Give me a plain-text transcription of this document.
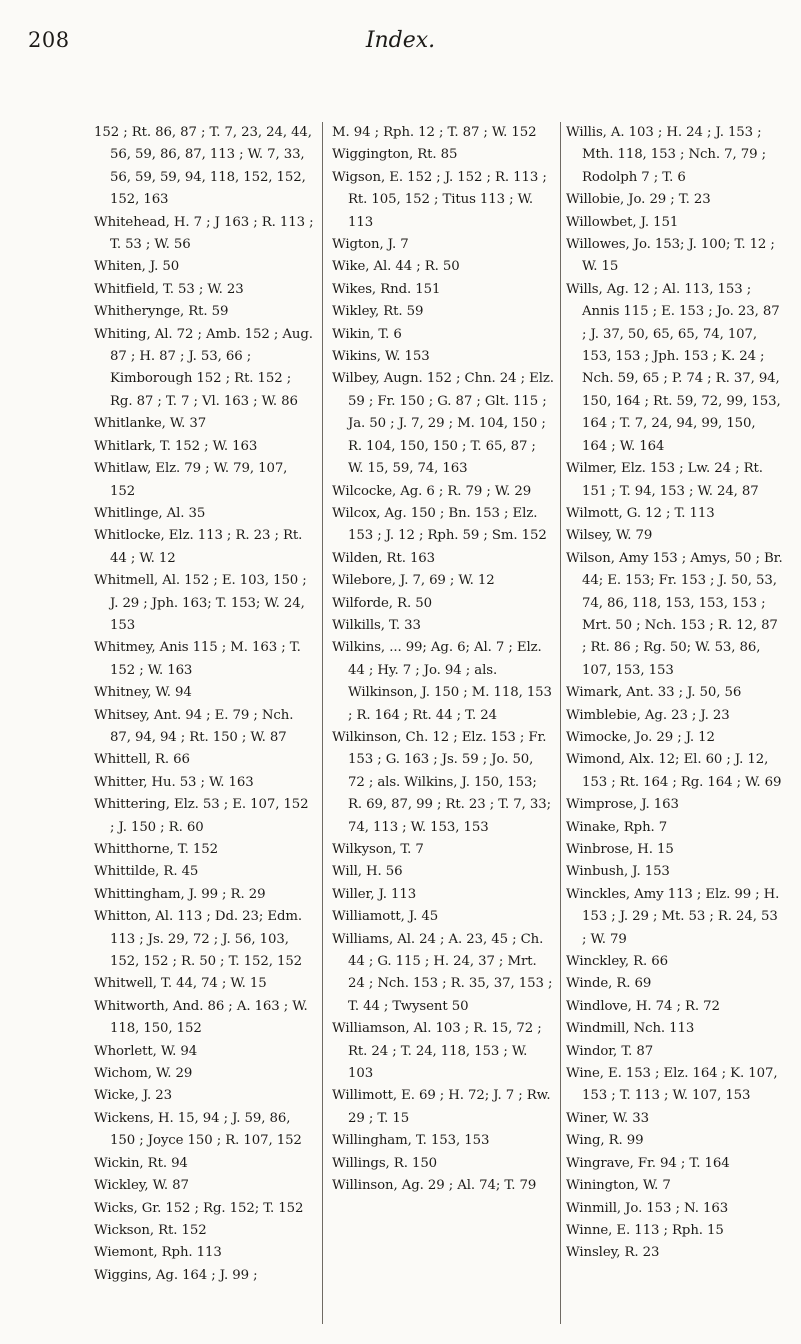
208	Index.

152 ; Rt. 86, 87 ; T. 7, 23, 24, 44, 56, 59, 86, 87, 113 ; W. 7, 33, 56, 59, 59, 94, 118, 152, 152, 152, 163

Whitehead, H. 7 ; J 163 ; R. 113 ; T. 53 ; W. 56

Whiten, J. 50

Whitfield, T. 53 ; W. 23

Whitherynge, Rt. 59

Whiting, Al. 72 ; Amb. 152 ; Aug. 87 ; H. 87 ; J. 53, 66 ; Kimborough 152 ; Rt. 152 ; Rg. 87 ; T. 7 ; Vl. 163 ; W. 86

Whitlanke, W. 37

Whitlark, T. 152 ; W. 163

Whitlaw, Elz. 79 ; W. 79, 107, 152

Whitlinge, Al. 35

Whitlocke, Elz. 113 ; R. 23 ; Rt. 44 ; W. 12

Whitmell, Al. 152 ; E. 103, 150 ; J. 29 ; Jph. 163; T. 153; W. 24, 153

Whitmey, Anis 115 ; M. 163 ; T. 152 ; W. 163

Whitney, W. 94

Whitsey, Ant. 94 ; E. 79 ; Nch. 87, 94, 94 ; Rt. 150 ; W. 87

Whittell, R. 66

Whitter, Hu. 53 ; W. 163

Whittering, Elz. 53 ; E. 107, 152 ; J. 150 ; R. 60

Whitthorne, T. 152

Whittilde, R. 45

Whittingham, J. 99 ; R. 29

Whitton, Al. 113 ; Dd. 23; Edm. 113 ; Js. 29, 72 ; J. 56, 103, 152, 152 ; R. 50 ; T. 152, 152

Whitwell, T. 44, 74 ; W. 15

Whitworth, And. 86 ; A. 163 ; W. 118, 150, 152

Whorlett, W. 94

Wichom, W. 29

Wicke, J. 23

Wickens, H. 15, 94 ; J. 59, 86, 150 ; Joyce 150 ; R. 107, 152

Wickin, Rt. 94

Wickley, W. 87

Wicks, Gr. 152 ; Rg. 152; T. 152

Wickson, Rt. 152

Wiemont, Rph. 113

Wiggins, Ag. 164 ; J. 99 ;

M. 94 ; Rph. 12 ; T. 87 ; W. 152

Wiggington, Rt. 85

Wigson, E. 152 ; J. 152 ; R. 113 ; Rt. 105, 152 ; Titus 113 ; W. 113

Wigton, J. 7

Wike, Al. 44 ; R. 50

Wikes, Rnd. 151

Wikley, Rt. 59

Wikin, T. 6

Wikins, W. 153

Wilbey, Augn. 152 ; Chn. 24 ; Elz. 59 ; Fr. 150 ; G. 87 ; Glt. 115 ; Ja. 50 ; J. 7, 29 ; M. 104, 150 ; R. 104, 150, 150 ; T. 65, 87 ; W. 15, 59, 74, 163

Wilcocke, Ag. 6 ; R. 79 ; W. 29

Wilcox, Ag. 150 ; Bn. 153 ; Elz. 153 ; J. 12 ; Rph. 59 ; Sm. 152

Wilden, Rt. 163

Wilebore, J. 7, 69 ; W. 12

Wilforde, R. 50

Wilkills, T. 33

Wilkins, ... 99; Ag. 6; Al. 7 ; Elz. 44 ; Hy. 7 ; Jo. 94 ; als. Wilkinson, J. 150 ; M. 118, 153 ; R. 164 ; Rt. 44 ; T. 24

Wilkinson, Ch. 12 ; Elz. 153 ; Fr. 153 ; G. 163 ; Js. 59 ; Jo. 50, 72 ; als. Wilkins, J. 150, 153; R. 69, 87, 99 ; Rt. 23 ; T. 7, 33; 74, 113 ; W. 153, 153

Wilkyson, T. 7

Will, H. 56

Willer, J. 113

Williamott, J. 45

Williams, Al. 24 ; A. 23, 45 ; Ch. 44 ; G. 115 ; H. 24, 37 ; Mrt. 24 ; Nch. 153 ; R. 35, 37, 153 ; T. 44 ; Twysent 50

Williamson, Al. 103 ; R. 15, 72 ; Rt. 24 ; T. 24, 118, 153 ; W. 103

Willimott, E. 69 ; H. 72; J. 7 ; Rw. 29 ; T. 15

Willingham, T. 153, 153

Willings, R. 150

Willinson, Ag. 29 ; Al. 74; T. 79

Willis, A. 103 ; H. 24 ; J. 153 ; Mth. 118, 153 ; Nch. 7, 79 ; Rodolph 7 ; T. 6

Willobie, Jo. 29 ; T. 23

Willowbet, J. 151

Willowes, Jo. 153; J. 100; T. 12 ; W. 15

Wills, Ag. 12 ; Al. 113, 153 ; Annis 115 ; E. 153 ; Jo. 23, 87 ; J. 37, 50, 65, 65, 74, 107, 153, 153 ; Jph. 153 ; K. 24 ; Nch. 59, 65 ; P. 74 ; R. 37, 94, 150, 164 ; Rt. 59, 72, 99, 153, 164 ; T. 7, 24, 94, 99, 150, 164 ; W. 164

Wilmer, Elz. 153 ; Lw. 24 ; Rt. 151 ; T. 94, 153 ; W. 24, 87

Wilmott, G. 12 ; T. 113

Wilsey, W. 79

Wilson, Amy 153 ; Amys, 50 ; Br. 44; E. 153; Fr. 153 ; J. 50, 53, 74, 86, 118, 153, 153, 153 ; Mrt. 50 ; Nch. 153 ; R. 12, 87 ; Rt. 86 ; Rg. 50; W. 53, 86, 107, 153, 153

Wimark, Ant. 33 ; J. 50, 56

Wimblebie, Ag. 23 ; J. 23

Wimocke, Jo. 29 ; J. 12

Wimond, Alx. 12; El. 60 ; J. 12, 153 ; Rt. 164 ; Rg. 164 ; W. 69

Wimprose, J. 163

Winake, Rph. 7

Winbrose, H. 15

Winbush, J. 153

Winckles, Amy 113 ; Elz. 99 ; H. 153 ; J. 29 ; Mt. 53 ; R. 24, 53 ; W. 79

Winckley, R. 66

Winde, R. 69

Windlove, H. 74 ; R. 72

Windmill, Nch. 113

Windor, T. 87

Wine, E. 153 ; Elz. 164 ; K. 107, 153 ; T. 113 ; W. 107, 153

Winer, W. 33

Wing, R. 99

Wingrave, Fr. 94 ; T. 164

Winington, W. 7

Winmill, Jo. 153 ; N. 163

Winne, E. 113 ; Rph. 15

Winsley, R. 23
